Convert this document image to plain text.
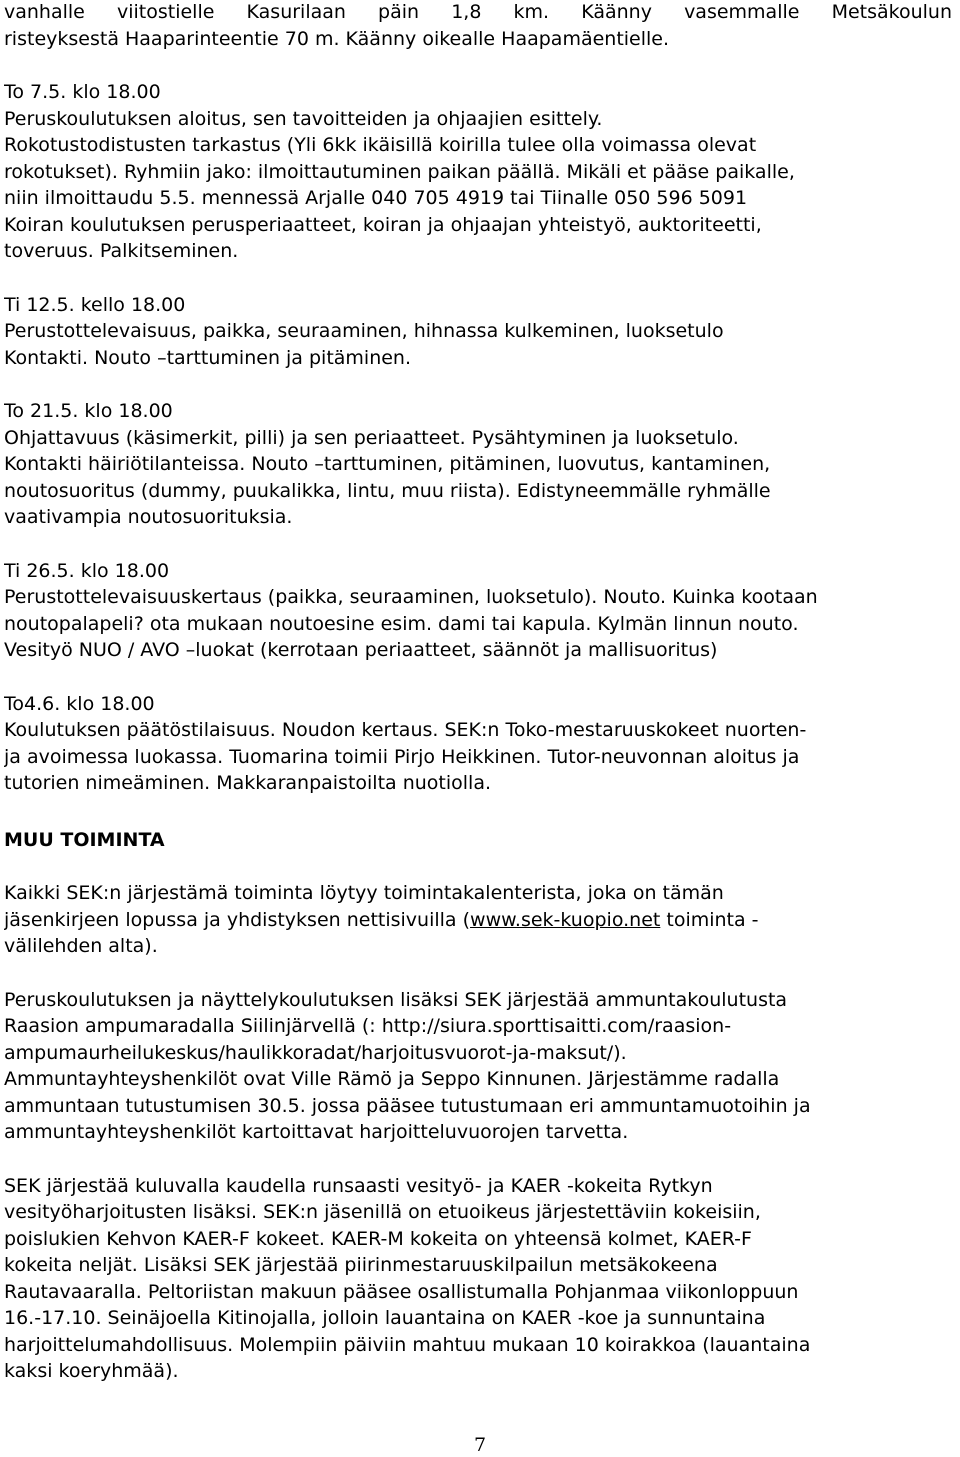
vanhalle viitostielle Kasurilaan päin 1,8 km. Käänny vasemmalle Metsäkoulun
risteyksestä Haaparinteentie 70 m. Käänny oikealle Haapamäentielle.
To 7.5. klo 18.00
Peruskoulutuksen aloitus, sen tavoitteiden ja ohjaajien esittely.
Rokotustodistusten tarkastus (Yli 6kk ikäisillä koirilla tulee olla voimassa olevat
rokotukset). Ryhmiin jako: ilmoittautuminen paikan päällä. Mikäli et pääse paikalle,
niin ilmoittaudu 5.5. mennessä Arjalle 040 705 4919 tai Tiinalle 050 596 5091
Koiran koulutuksen perusperiaatteet, koiran ja ohjaajan yhteistyö, auktoriteetti,
toveruus. Palkitseminen.
Ti 12.5. kello 18.00
Perustottelevaisuus, paikka, seuraaminen, hihnassa kulkeminen, luoksetulo
Kontakti. Nouto –tarttuminen ja pitäminen.
To 21.5. klo 18.00
Ohjattavuus (käsimerkit, pilli) ja sen periaatteet. Pysähtyminen ja luoksetulo.
Kontakti häiriötilanteissa. Nouto –tarttuminen, pitäminen, luovutus, kantaminen,
noutosuoritus (dummy, puukalikka, lintu, muu riista). Edistyneemmälle ryhmälle
vaativampia noutosuorituksia.
Ti 26.5. klo 18.00
Perustottelevaisuuskertaus (paikka, seuraaminen, luoksetulo). Nouto. Kuinka kootaan
noutopalapeli? ota mukaan noutoesine esim. dami tai kapula. Kylmän linnun nouto.
Vesityö NUO / AVO –luokat (kerrotaan periaatteet, säännöt ja mallisuoritus)
To4.6. klo 18.00
Koulutuksen päätöstilaisuus. Noudon kertaus. SEK:n Toko-mestaruuskokeet nuorten-
ja avoimessa luokassa. Tuomarina toimii Pirjo Heikkinen. Tutor-neuvonnan aloitus ja
tutorien nimeäminen. Makkaranpaistoilta nuotiolla.
MUU TOIMINTA
Kaikki SEK:n järjestämä toiminta löytyy toimintakalenterista, joka on tämän
jäsenkirjeen lopussa ja yhdistyksen nettisivuilla (www.sek-kuopio.net toiminta -
välilehden alta).
Peruskoulutuksen ja näyttelykoulutuksen lisäksi SEK järjestää ammuntakoulutusta
Raasion ampumaradalla Siilinjärvellä (: http://siura.sporttisaitti.com/raasion-
ampumaurheilukeskus/haulikkoradat/harjoitusvuorot-ja-maksut/).
Ammuntayhteyshenkilöt ovat Ville Rämö ja Seppo Kinnunen. Järjestämme radalla
ammuntaan tutustumisen 30.5. jossa pääsee tutustumaan eri ammuntamuotoihin ja
ammuntayhteyshenkilöt kartoittavat harjoitteluvuorojen tarvetta.
SEK järjestää kuluvalla kaudella runsaasti vesityö- ja KAER -kokeita Rytkyn
vesityöharjoitusten lisäksi. SEK:n jäsenillä on etuoikeus järjestettäviin kokeisiin,
poislukien Kehvon KAER-F kokeet. KAER-M kokeita on yhteensä kolmet, KAER-F
kokeita neljät. Lisäksi SEK järjestää piirinmestaruuskilpailun metsäkokeena
Rautavaaralla. Peltoriistan makuun pääsee osallistumalla Pohjanmaa viikonloppuun
16.-17.10. Seinäjoella Kitinojalla, jolloin lauantaina on KAER -koe ja sunnuntaina
harjoittelumahdollisuus. Molempiin päiviin mahtuu mukaan 10 koirakkoa (lauantaina
kaksi koeryhmää).
7
